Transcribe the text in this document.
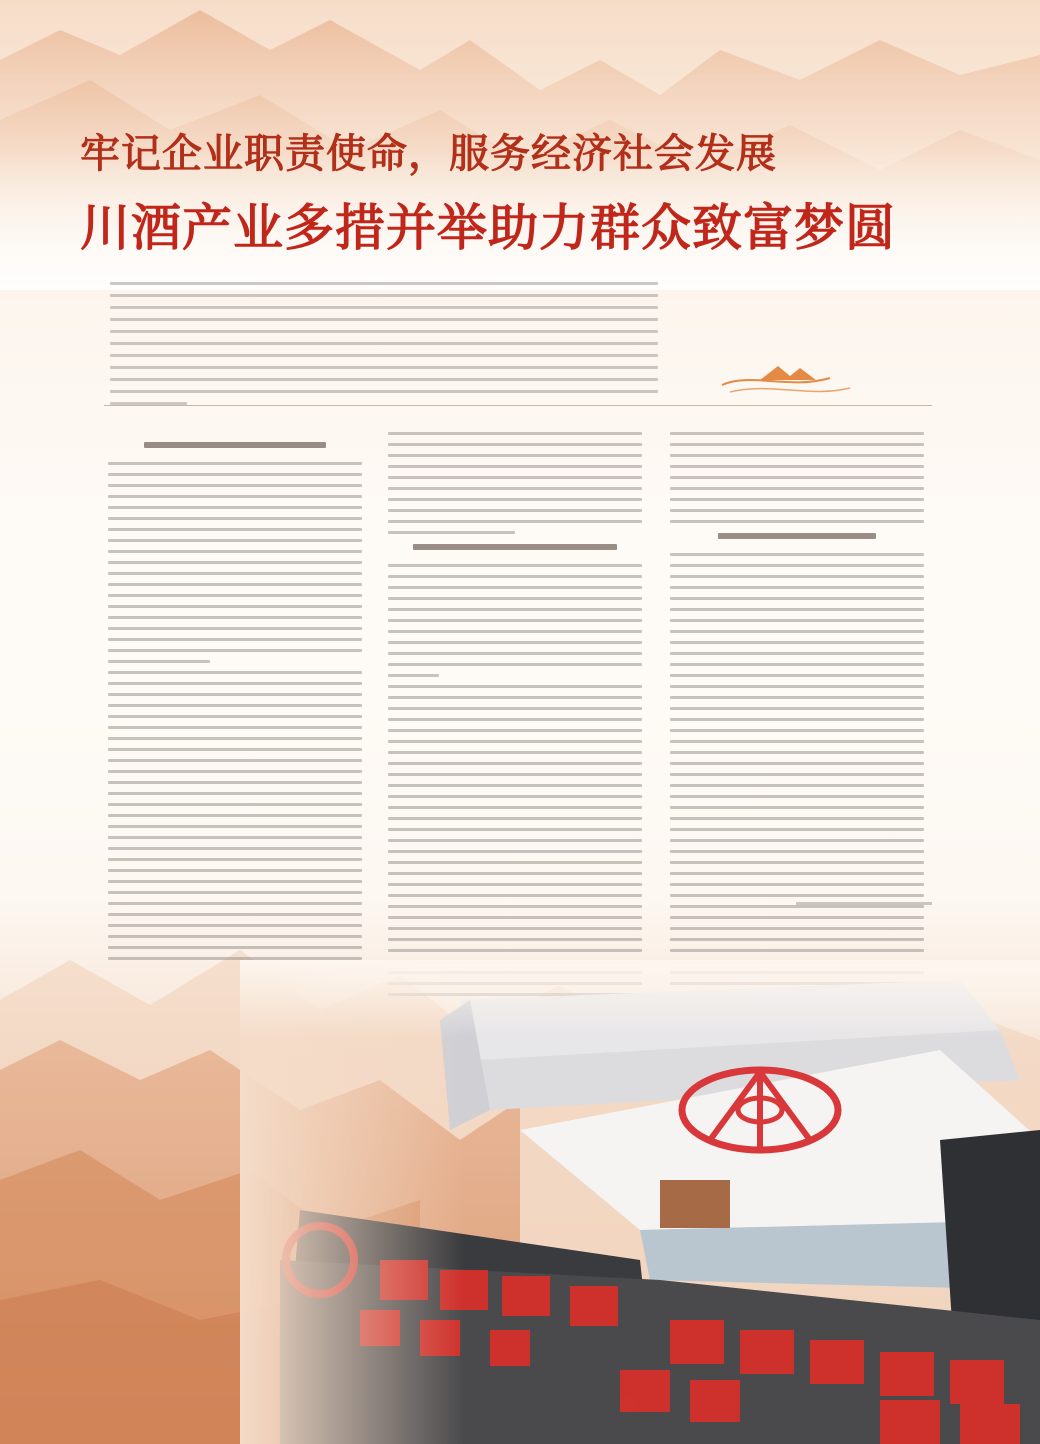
牢记企业职责使命，服务经济社会发展
川酒产业多措并举助力群众致富梦圆
